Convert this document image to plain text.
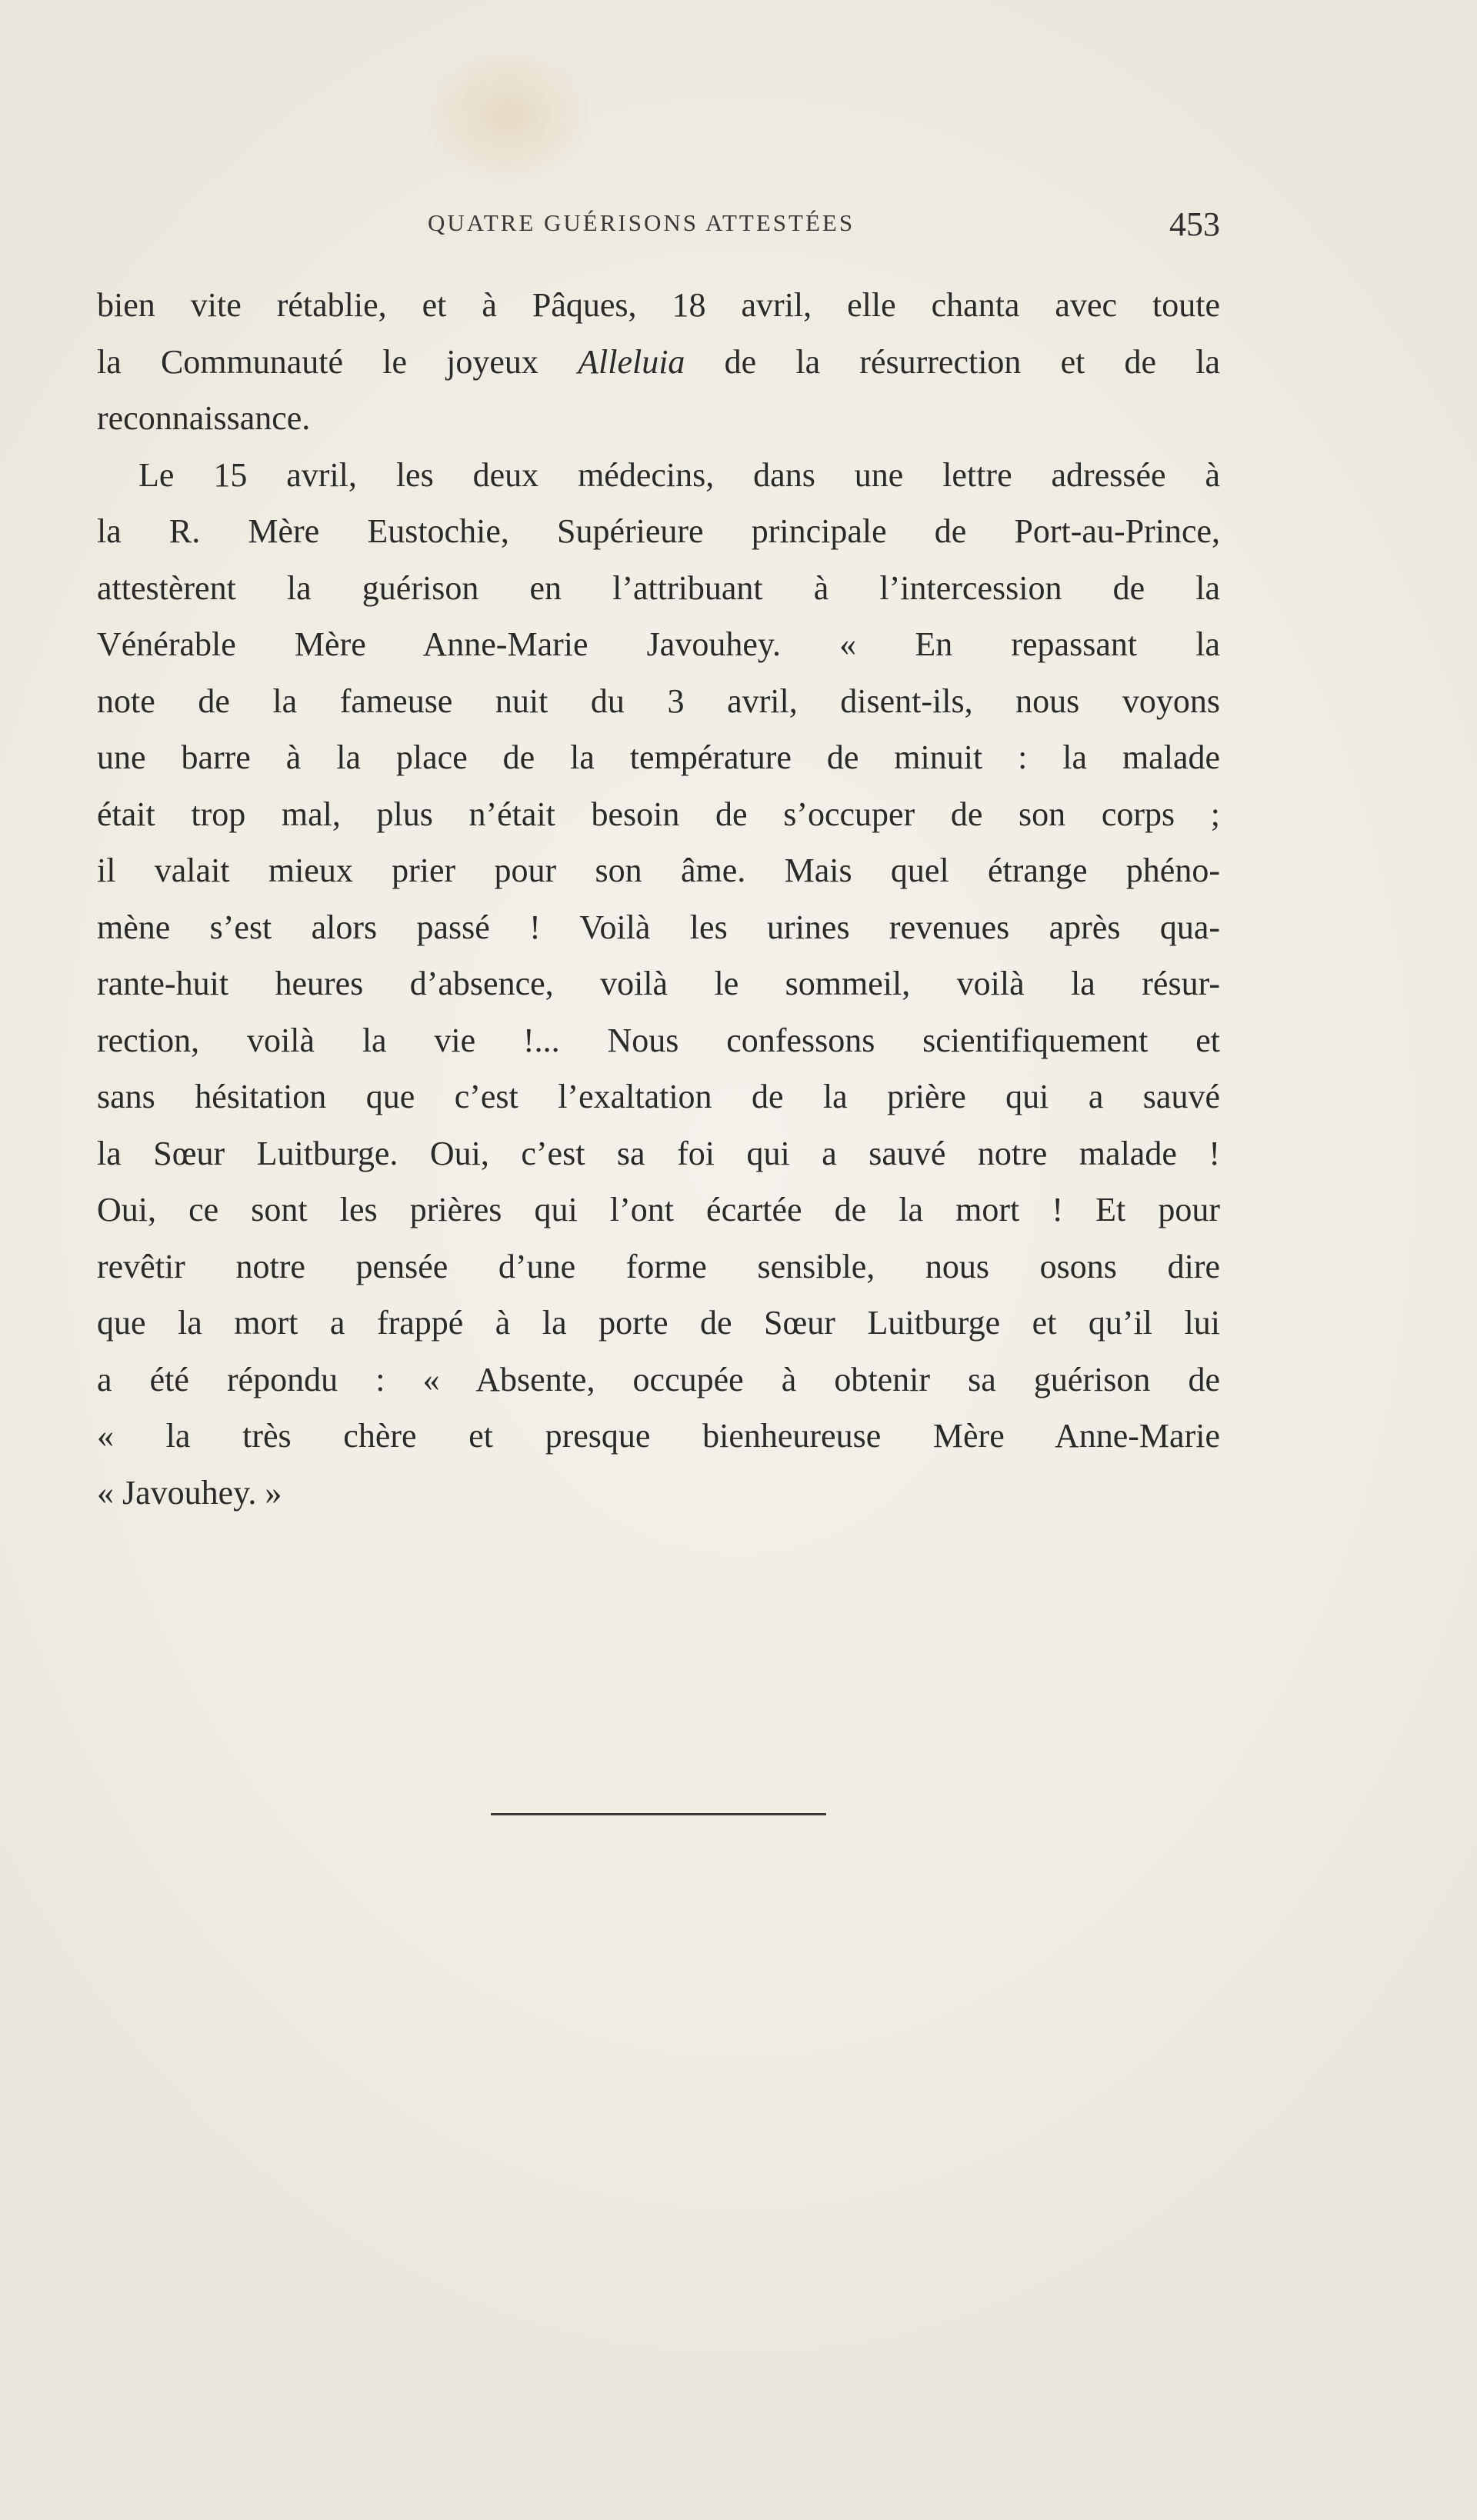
QUATRE GUÉRISONS ATTESTÉES	453
bien vite rétablie, et à Pâques, 18 avril, elle chanta avec toute
la Communauté le joyeux Alleluia de la résurrection et de la
reconnaissance.
Le 15 avril, les deux médecins, dans une lettre adressée à
la R. Mère Eustochie, Supérieure principale de Port-au-Prince,
attestèrent la guérison en l’attribuant à l’intercession de la
Vénérable Mère Anne-Marie Javouhey. « En repassant la
note de la fameuse nuit du 3 avril, disent-ils, nous voyons
une barre à la place de la température de minuit : la malade
était trop mal, plus n’était besoin de s’occuper de son corps ;
il valait mieux prier pour son âme. Mais quel étrange phéno-
mène s’est alors passé ! Voilà les urines revenues après qua-
rante-huit heures d’absence, voilà le sommeil, voilà la résur-
rection, voilà la vie !... Nous confessons scientifiquement et
sans hésitation que c’est l’exaltation de la prière qui a sauvé
la Sœur Luitburge. Oui, c’est sa foi qui a sauvé notre malade !
Oui, ce sont les prières qui l’ont écartée de la mort ! Et pour
revêtir notre pensée d’une forme sensible, nous osons dire
que la mort a frappé à la porte de Sœur Luitburge et qu’il lui
a été répondu : « Absente, occupée à obtenir sa guérison de
« la très chère et presque bienheureuse Mère Anne-Marie
« Javouhey. »
